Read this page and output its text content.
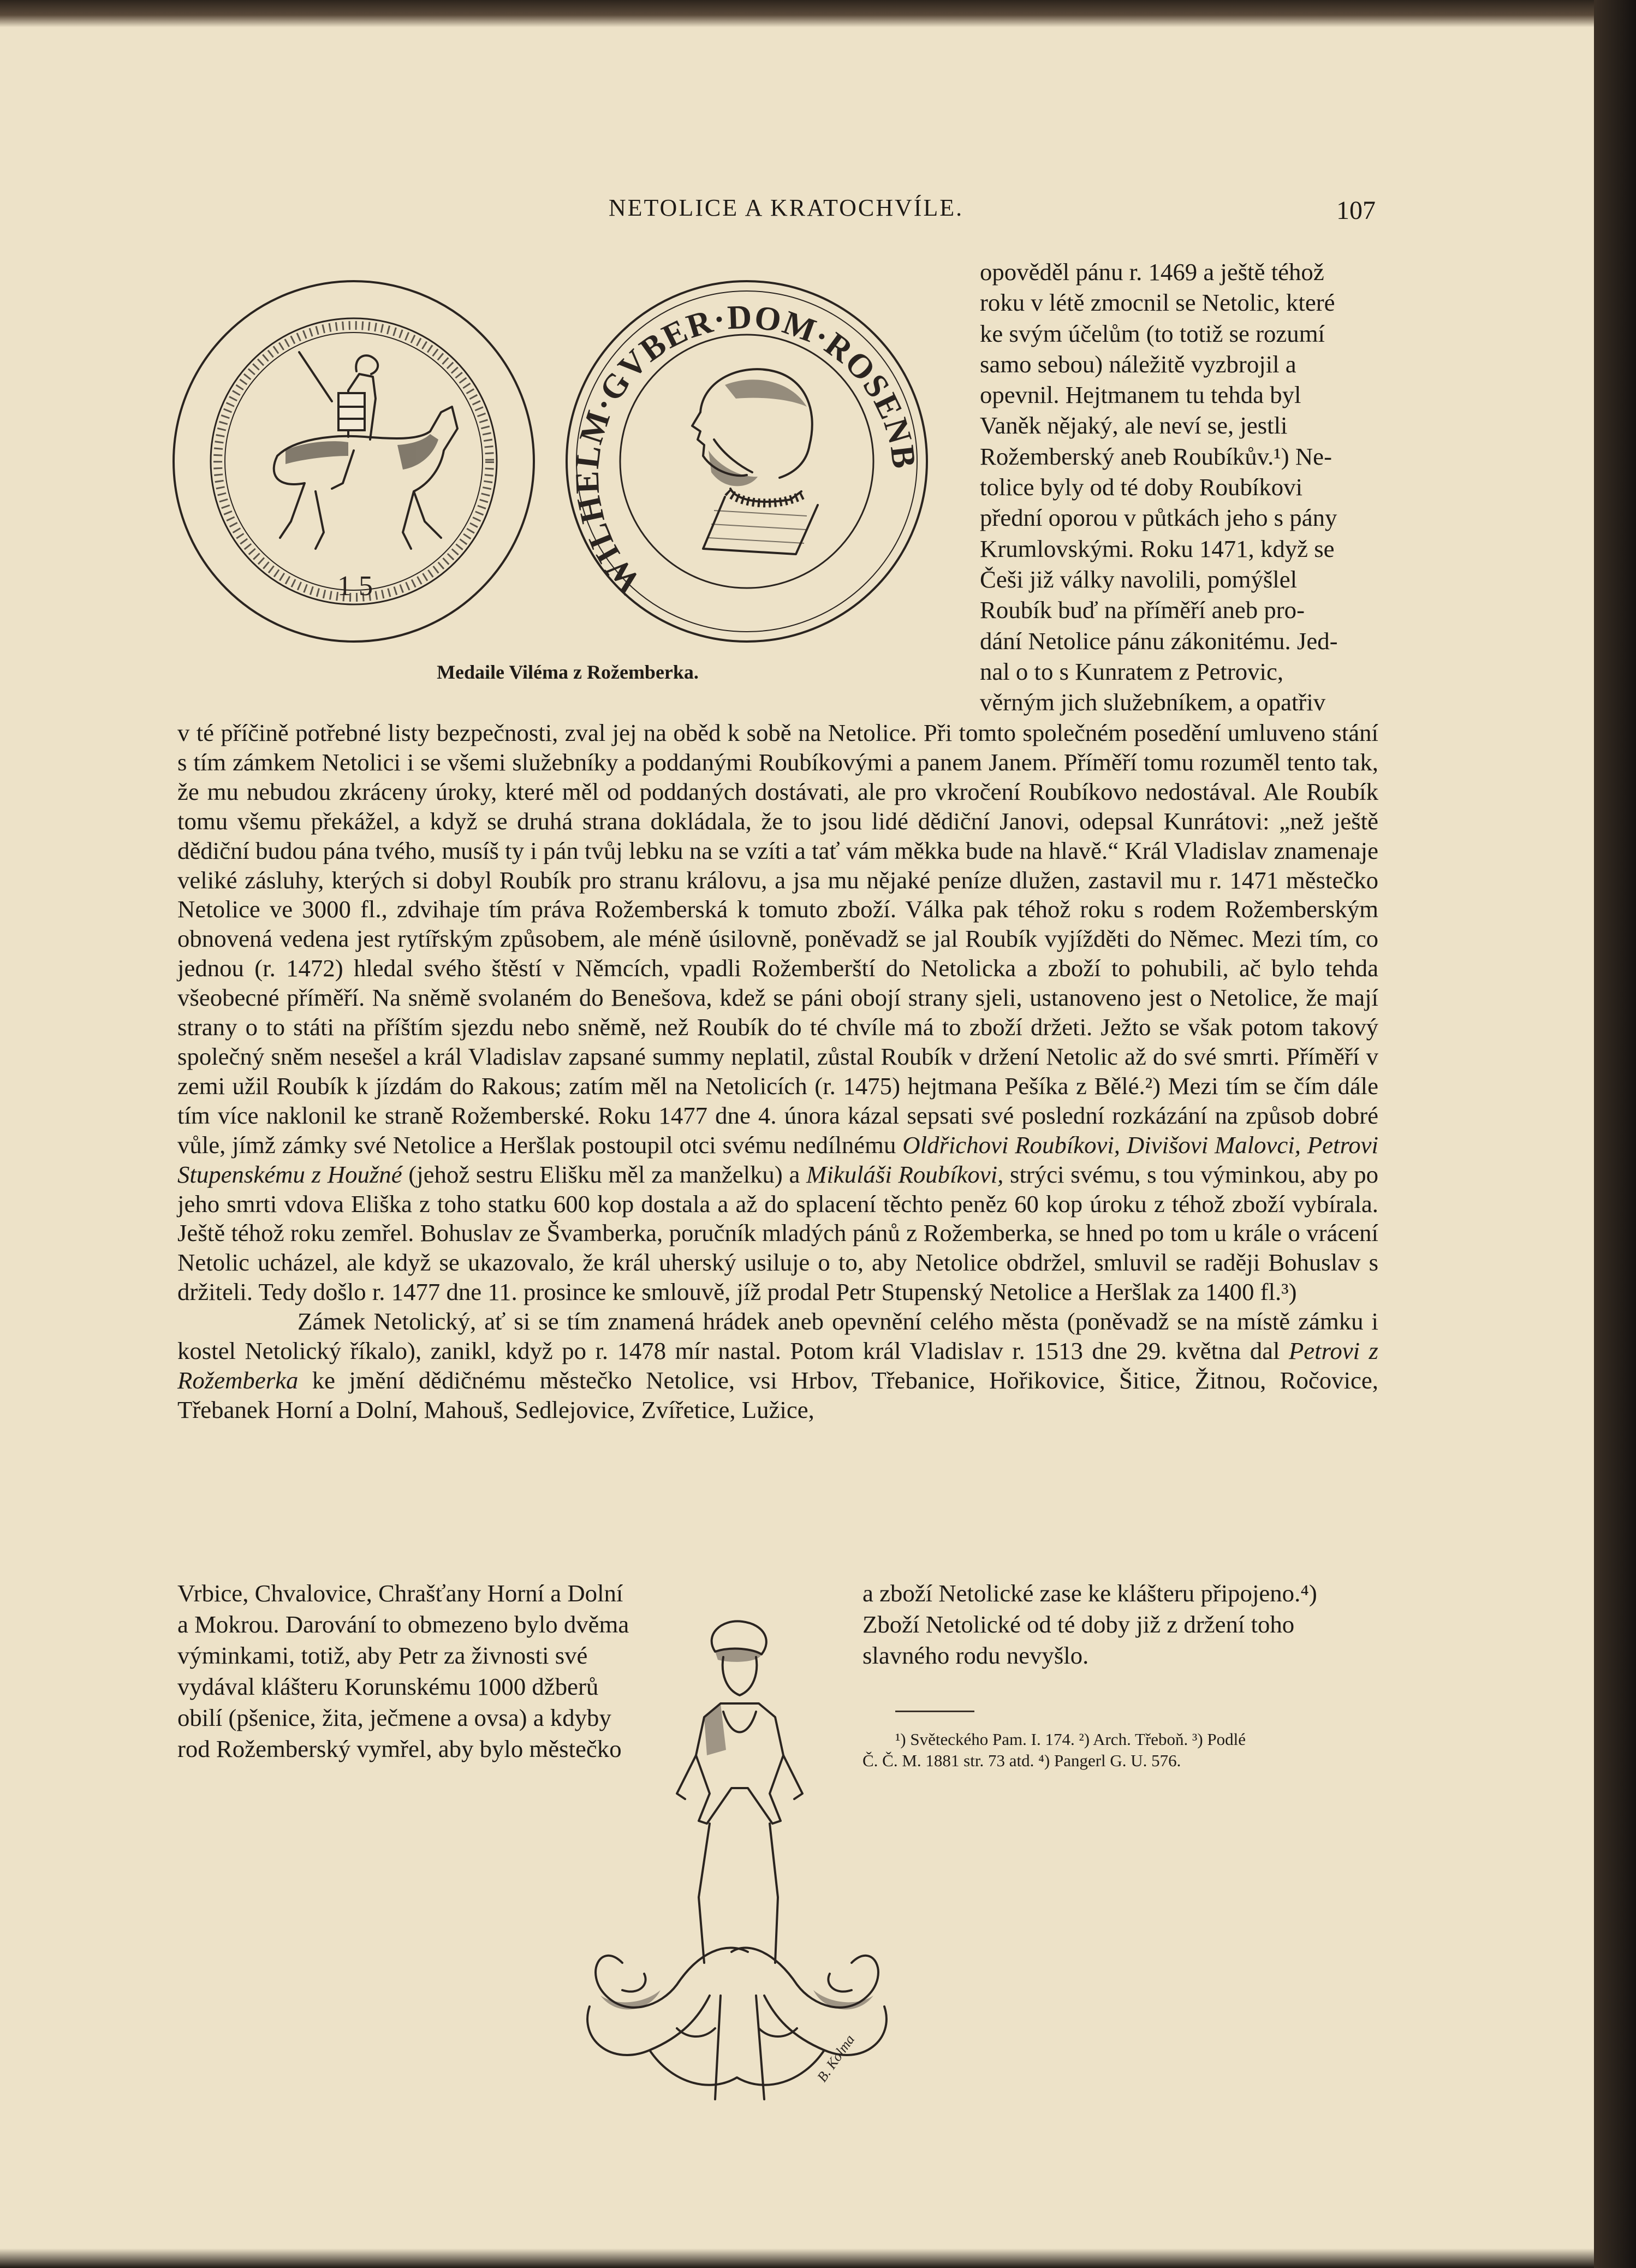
NETOLICE A KRATOCHVÍLE.	107
1 5	WILHELM·GVBER·DOM·ROSENB
Medaile Viléma z Rožemberka.
opověděl pánu r. 1469 a ještě téhož
roku v létě zmocnil se Netolic, které
ke svým účelům (to totiž se rozumí
samo sebou) náležitě vyzbrojil a
opevnil. Hejtmanem tu tehda byl
Vaněk nějaký, ale neví se, jestli
Rožemberský aneb Roubíkův.¹) Ne-
tolice byly od té doby Roubíkovi
přední oporou v půtkách jeho s pány
Krumlovskými. Roku 1471, když se
Češi již války navolili, pomýšlel
Roubík buď na příměří aneb pro-
dání Netolice pánu zákonitému. Jed-
nal o to s Kunratem z Petrovic,
věrným jich služebníkem, a opatřiv

v té příčině potřebné listy bezpečnosti, zval jej na oběd k sobě na Netolice. Při tomto společném posedění umluveno stání s tím zámkem Netolici i se všemi služebníky a poddanými Roubíkovými a panem Janem. Příměří tomu rozuměl tento tak, že mu nebudou zkráceny úroky, které měl od poddaných dostávati, ale pro vkročení Roubíkovo nedostával. Ale Roubík tomu všemu překážel, a když se druhá strana dokládala, že to jsou lidé dědiční Janovi, odepsal Kunrátovi: „než ještě dědiční budou pána tvého, musíš ty i pán tvůj lebku na se vzíti a tať vám měkka bude na hlavě.“ Král Vladislav znamenaje veliké zásluhy, kterých si dobyl Roubík pro stranu královu, a jsa mu nějaké peníze dlužen, zastavil mu r. 1471 městečko Netolice ve 3000 fl., zdvihaje tím práva Rožemberská k tomuto zboží. Válka pak téhož roku s rodem Rožemberským obnovená vedena jest rytířským způsobem, ale méně úsilovně, poněvadž se jal Roubík vyjížděti do Němec. Mezi tím, co jednou (r. 1472) hledal svého štěstí v Němcích, vpadli Rožemberští do Netolicka a zboží to pohubili, ač bylo tehda všeobecné příměří. Na sněmě svolaném do Benešova, kdež se páni obojí strany sjeli, ustanoveno jest o Netolice, že mají strany o to státi na příštím sjezdu nebo sněmě, než Roubík do té chvíle má to zboží držeti. Ježto se však potom takový společný sněm nesešel a král Vladislav zapsané summy neplatil, zůstal Roubík v držení Netolic až do své smrti. Příměří v zemi užil Roubík k jízdám do Rakous; zatím měl na Netolicích (r. 1475) hejtmana Pešíka z Bělé.²) Mezi tím se čím dále tím více naklonil ke straně Rožemberské. Roku 1477 dne 4. února kázal sepsati své poslední rozkázání na způsob dobré vůle, jímž zámky své Netolice a Heršlak postoupil otci svému nedílnému Oldřichovi Roubíkovi, Divišovi Malovci, Petrovi Stupenskému z Houžné (jehož sestru Elišku měl za manželku) a Mikuláši Roubíkovi, strýci svému, s tou výminkou, aby po jeho smrti vdova Eliška z toho statku 600 kop dostala a až do splacení těchto peněz 60 kop úroku z téhož zboží vybírala. Ještě téhož roku zemřel. Bohuslav ze Švamberka, poručník mladých pánů z Rožemberka, se hned po tom u krále o vrácení Netolic ucházel, ale když se ukazovalo, že král uherský usiluje o to, aby Netolice obdržel, smluvil se raději Bohuslav s držiteli. Tedy došlo r. 1477 dne 11. prosince ke smlouvě, jíž prodal Petr Stupenský Netolice a Heršlak za 1400 fl.³)

Zámek Netolický, ať si se tím znamená hrádek aneb opevnění celého města (poněvadž se na místě zámku i kostel Netolický říkalo), zanikl, když po r. 1478 mír nastal. Potom král Vladislav r. 1513 dne 29. května dal Petrovi z Rožemberka ke jmění dědičnému městečko Netolice, vsi Hrbov, Třebanice, Hořikovice, Šitice, Žitnou, Ročovice, Třebanek Horní a Dolní, Mahouš, Sedlejovice, Zvířetice, Lužice,

Vrbice, Chvalovice, Chrašťany Horní a Dolní
a Mokrou. Darování to obmezeno bylo dvěma
výminkami, totiž, aby Petr za živnosti své
vydával klášteru Korunskému 1000 džberů
obilí (pšenice, žita, ječmene a ovsa) a kdyby
rod Rožemberský vymřel, aby bylo městečko
a zboží Netolické zase ke klášteru připojeno.⁴)
Zboží Netolické od té doby již z držení toho
slavného rodu nevyšlo.
¹) Světeckého Pam. I. 174. ²) Arch. Třeboň. ³) Podlé
Č. Č. M. 1881 str. 73 atd. ⁴) Pangerl G. U. 576.
B. Kolma
